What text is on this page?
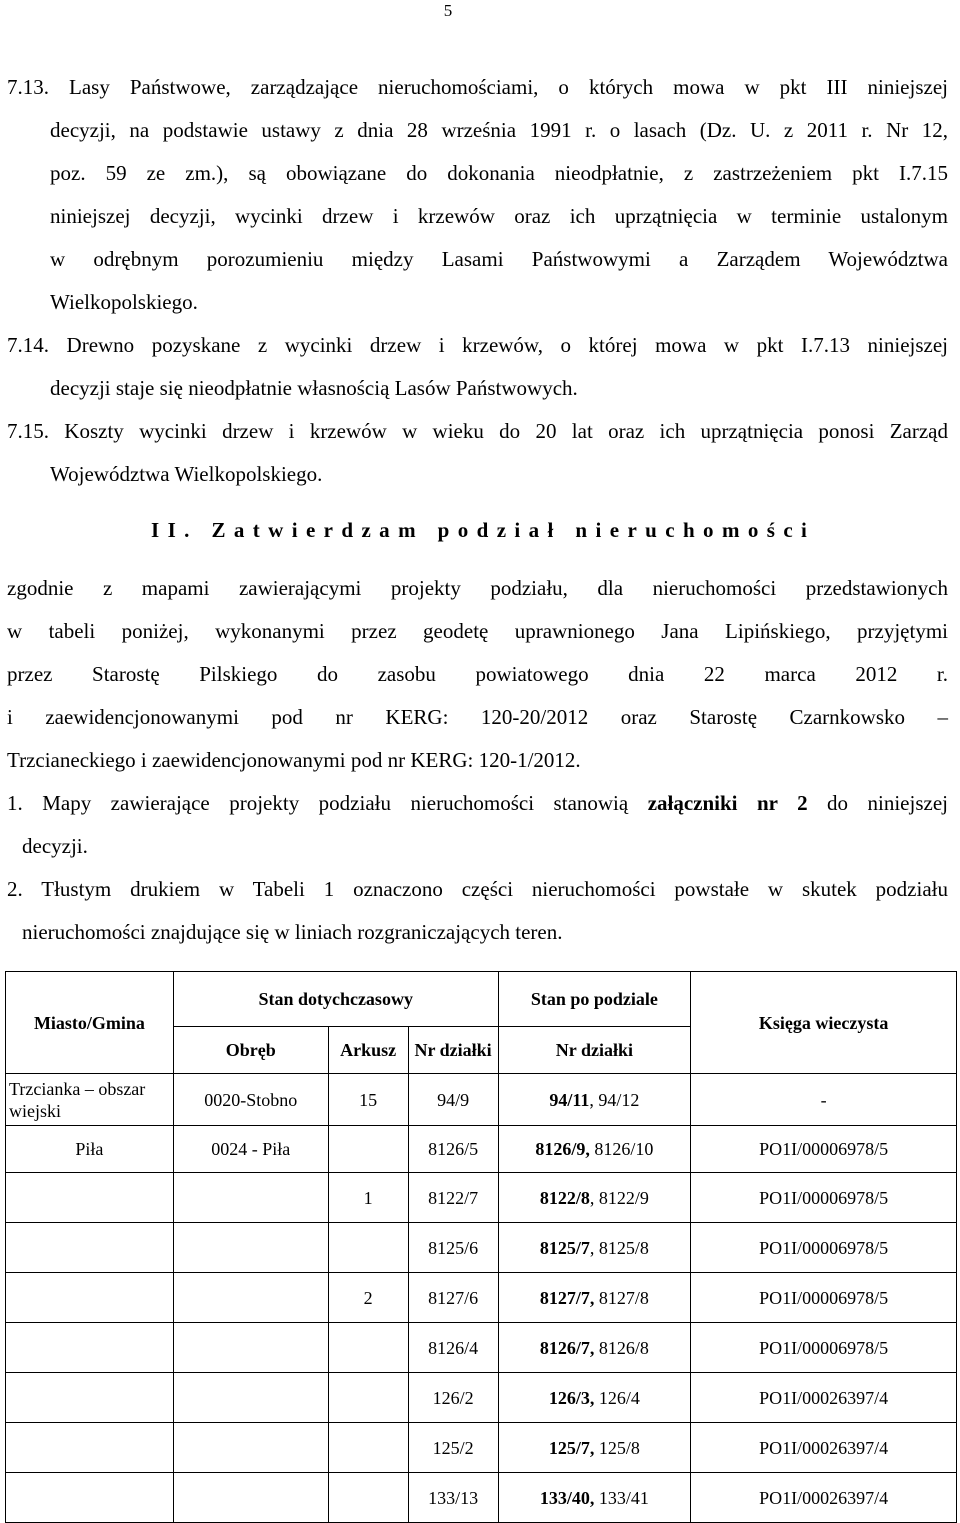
5
7.13. Lasy Państwowe, zarządzające nieruchomościami, o których mowa w pkt III niniejszej
decyzji, na podstawie ustawy z dnia 28 września 1991 r. o lasach (Dz. U. z 2011 r. Nr 12,
poz. 59 ze zm.), są obowiązane do dokonania nieodpłatnie, z zastrzeżeniem pkt I.7.15
niniejszej decyzji, wycinki drzew i krzewów oraz ich uprzątnięcia w terminie ustalonym
w odrębnym porozumieniu między Lasami Państwowymi a Zarządem Województwa
Wielkopolskiego.
7.14. Drewno pozyskane z wycinki drzew i krzewów, o której mowa w pkt I.7.13 niniejszej
decyzji staje się nieodpłatnie własnością Lasów Państwowych.
7.15. Koszty wycinki drzew i krzewów w wieku do 20 lat oraz ich uprzątnięcia ponosi Zarząd
Województwa Wielkopolskiego.
II. Zatwierdzam podział nieruchomości
zgodnie z mapami zawierającymi projekty podziału, dla nieruchomości przedstawionych
w tabeli poniżej, wykonanymi przez geodetę uprawnionego Jana Lipińskiego, przyjętymi
przez Starostę Pilskiego do zasobu powiatowego dnia 22 marca 2012 r.
i zaewidencjonowanymi pod nr KERG: 120-20/2012 oraz Starostę Czarnkowsko –
Trzcianeckiego i zaewidencjonowanymi pod nr KERG: 120-1/2012.
1. Mapy zawierające projekty podziału nieruchomości stanowią załączniki nr 2 do niniejszej
decyzji.
2. Tłustym drukiem w Tabeli 1 oznaczono części nieruchomości powstałe w skutek podziału
nieruchomości znajdujące się w liniach rozgraniczających teren.
Miasto/Gmina	Stan dotychczasowy			Stan po podziale	Księga wieczysta
	Obręb	Arkusz	Nr działki	Nr działki	
Trzcianka – obszar wiejski	0020-Stobno	15	94/9	94/11, 94/12	-
Piła	0024 - Piła		8126/5	8126/9, 8126/10	PO1I/00006978/5
		1	8122/7	8122/8, 8122/9	PO1I/00006978/5
			8125/6	8125/7, 8125/8	PO1I/00006978/5
		2	8127/6	8127/7, 8127/8	PO1I/00006978/5
			8126/4	8126/7, 8126/8	PO1I/00006978/5
			126/2	126/3, 126/4	PO1I/00026397/4
			125/2	125/7, 125/8	PO1I/00026397/4
			133/13	133/40, 133/41	PO1I/00026397/4
